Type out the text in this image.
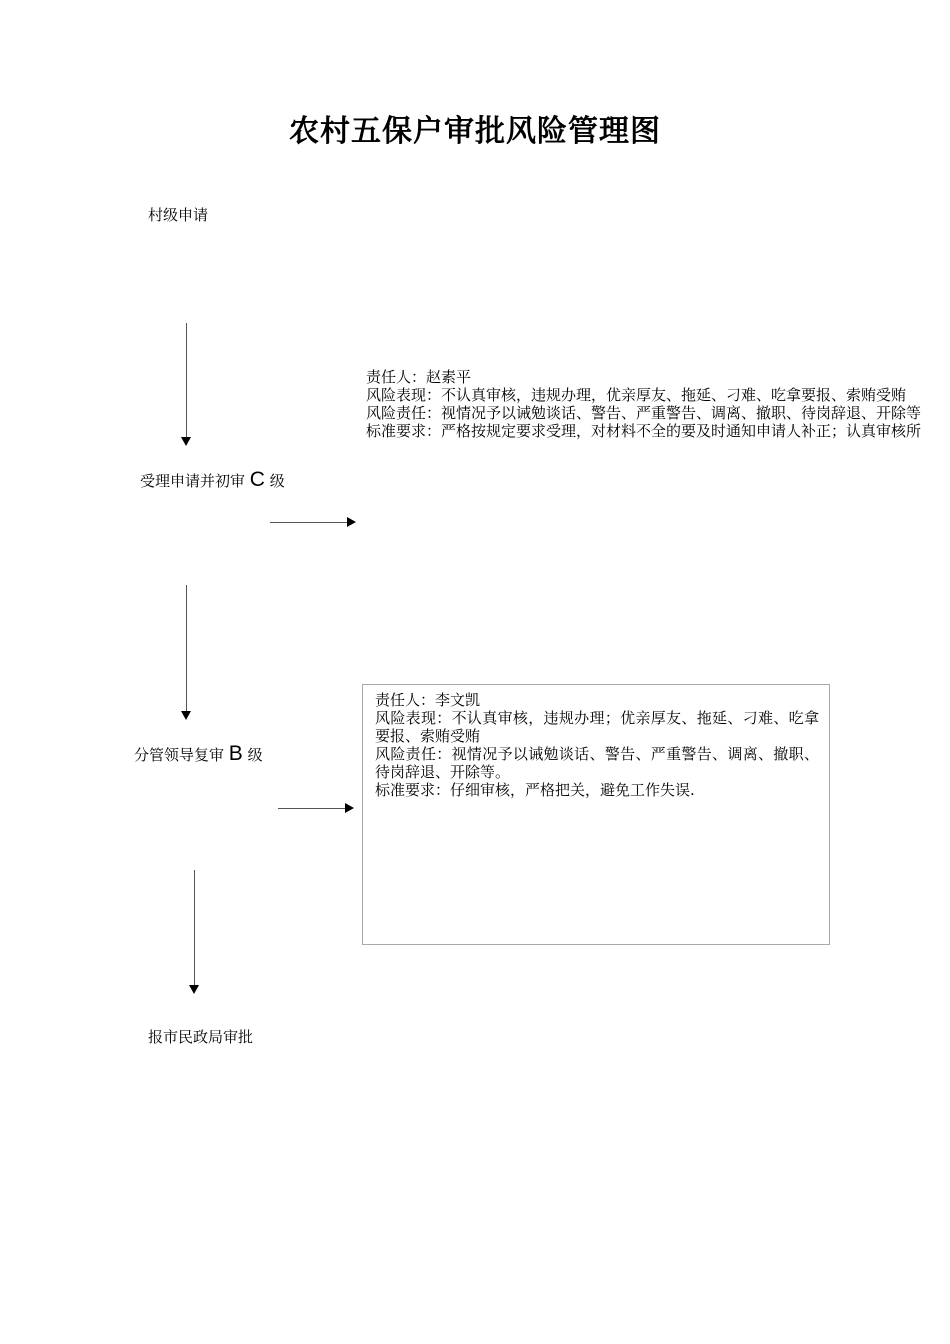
农村五保户审批风险管理图
村级申请
受理申请并初审 C 级
分管领导复审 B 级
报市民政局审批
责任人：赵素平
风险表现：不认真审核，违规办理，优亲厚友、拖延、刁难、吃拿要报、索贿受贿
风险责任：视情况予以诫勉谈话、警告、严重警告、调离、撤职、待岗辞退、开除等
标准要求：严格按规定要求受理，对材料不全的要及时通知申请人补正；认真审核所
责任人：李文凯
风险表现：不认真审核，违规办理；优亲厚友、拖延、刁难、吃拿要报、索贿受贿
风险责任：视情况予以诫勉谈话、警告、严重警告、调离、撤职、待岗辞退、开除等。
标准要求：仔细审核，严格把关，避免工作失误.
